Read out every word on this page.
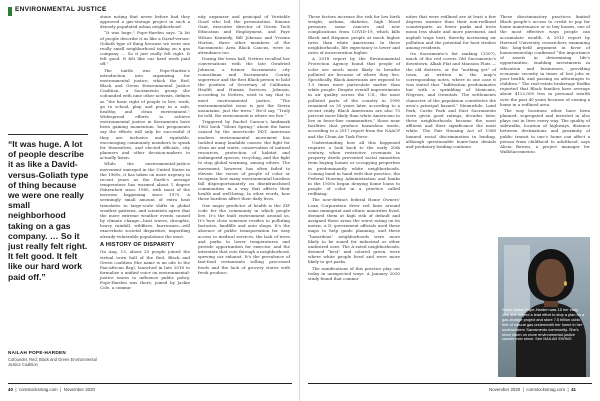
ENVIRONMENTAL JUSTICE
“It was huge. A lot of people describe it as like a David-versus-Goliath type of thing because we were one really small neighborhood taking on a gas company. … So it just really felt right. It felt good. It felt like our hard work paid off.”
NAILAH POPE-HARDEN
Cofounder, Red, Black and Green Environmental Justice Coalition

stone noting that never before had they approved a gas-storage project in such a densely populated urban neighborhood.

“It was huge,” Pope-Harden says. “A lot of people describe it as like a David-versus-Goliath type of thing because we were one really small neighborhood taking on a gas company. … So it just really felt right. It felt good. It felt like our hard work paid off.”

The battle was Pope-Harden’s introduction into organizing for environmental justice, which the Red, Black and Green Environmental Justice Coalition, a Sacramento group she cofounded with nine other activists, defines as “the basic right of people to live, work, go to school, play, and pray in a safe, healthy, and clean environment.” Widespread efforts to achieve environmental justice in Sacramento have been gaining momentum, but proponents say the efforts will only be successful if they are inclusive and equitable, encouraging community members to speak for themselves, and elected officials, city planners and other decision-makers to actually listen.

While the environmental-justice movement emerged in the United States in the 1960s, it has taken on more urgency in recent years as the Earth’s average temperature has warmed about 1 degree Fahrenheit since 1980, with most of the increase happening since 1975. A seemingly small amount of extra heat translates to large-scale shifts in global weather patterns, and scientists agree that the more extreme weather events caused by climate change—heat waves, droughts, heavy rainfall, wildfires, hurricanes—will exacerbate societal disparities, imperiling already-vulnerable populations the most.

A HISTORY OF DISPARITY

On Aug. 13, about 20 people joined the virtual town hall of the Red, Black and Green coalition (the name is an ode to the Pan-African flag), launched in late 2018 to formalize a unified voice on environmental-justice issues to influence public policy. Pope-Harden was there, joined by Jackie Cole, a commu-

nity organizer and principal of Veritable Good who led the presentation. Simone Gant, executive director of Green Tech Education and Employment, and Faye Wilson Kennedy, Bill Johnson and Yvonne Horton, three other members of the Sacramento Area Black Caucus, were in attendance too.

During the town hall, Nettres recalled her conversations with the late Gwafried Johnson, a former Sacramento city councilman and Sacramento County supervisor and the first Black person to hold the position of Secretary of California Health and Human Services. Johnson, according to Nettres, used to say that to meet environmental justice, “The environmentalist issue is just the Sierra mountains, just the trees.” He’d say, “Truly be told, the environment is where we live.”

Triggered by Rachel Carson’s landmark 1962 book “Silent Spring,” about the harm caused by the insecticide DDT, American modern environmental movement has tackled many laudable causes: the fight for clean air and water, conservation of natural resources, protection of habitat and endangered species, recycling, and the fight to stop global warming, among others. The movement, however, has often failed to elevate the voices of people of color or recognize how many environmental burdens fall disproportionately on disenfranchised communities in a way that affects their health and well-being. In other words, how these burdens affect their daily lives.

One major predictor of health is the ZIP code for the community in which people live. It’s the built environment around us. It’s how close someone resides to polluting factories, landfills and auto shops. It’s the absence of public transportation for easy access to medical services, the lack of trees and parks to lower temperatures and provide opportunities for exercise, and the interstate that cuts through a neighborhood, spewing car exhaust. It’s the prevalence of fast-food restaurants selling processed foods and the lack of grocery stores with fresh produce.

40  |  comstocksmag.com  |  November 2020

These factors increase the risk for low birth weight, asthma, diabetes, high blood pressure, some cancers and now complications from COVID-19, which kills Black and Hispanic people at much higher rates than white Americans. In these neighborhoods, life expectancy is lower and rates of incarceration higher.

A 2018 report by the Environmental Protection Agency found that people of color are much more likely to breathe polluted air because of where they live. Specifically, Black Americans are exposed to 1.5 times more particulate matter than white people. Despite overall improvements in air quality across the U.S., the most polluted parts of the country in 1990 remained so 20 years later, according to a recent study. Black Americans are also 75 percent more likely than white Americans to live in fence-line communities,” those near facilities that produce hazardous waste, according to a 2017 report from the NAACP and the Clean Air Task Force.

Understanding how all this happened requires a look back to the early 20th century, when restrictive covenants in property deeds prevented racial minorities from buying homes or occupying properties in predominantly white neighborhoods. Coming hand in hand with that practice, the Federal Housing Administration and banks in the 1930s began denying home loans to people of color in a practice called redlining.

The now-defunct federal Home Owners’ Loan Corporation drew red lines around some immigrant and ethnic minorities lived, deemed them at high risk of default and assigned these areas the worst rating on its metric, a D, government officials used these maps to help guide planning, and these “hazardous” neighborhoods were more likely to be zoned for industrial or other undesired uses. The A-rated neighborhoods, deemed “best” and colored green, were where white people lived and were more likely to get parks.

The ramifications of this practice play out today in unexpected ways. A January 2020 study found that commu-

nities that were redlined are at least a few degrees warmer than their non-redlined counterparts, as fewer parks and trees mean less shade and more pavement, and asphalt traps heat, thereby increasing air pollution and the potential for heat strokes among residents.

On Sacramento’s list ranking (1307), much of the red covers Old Sacramento’s downtown, Alkali Flat and Mansion Flats — the old districts, or the “nothing yet” of town, as written in the map’s corresponding notes, where in one case it was stated that “Infiltration predominates but with a sprinkling of Mexicans, Negroes, and Orientals. The settlements character of the population constitutes the area’s principal hazard.” Meanwhile, Land Park, Curtis Park and East Sacramento were given good ratings; decades later, these neighborhoods become the most affluent and their significance the most white. The Fair Housing Act of 1968 banned racial discrimination in lending, although questionable home-loan denials and predatory lending continue.

These discriminatory practices limited Black people’s access to credit to pay for home maintenance or to buy homes, one of the most effective ways people can accumulate wealth. A 2015 report by Harvard University researchers examining this long-held argument in favor of homeownership confirmed “the importance of assets in determining life’s opportunities, enabling investments in education and businesses, providing economic security in times of lost jobs or poor health, and passing on advantages to children.” The real-estate brokerage Redfin reported that Black families have average about $122,000 less in personal wealth over the past 40 years because of owning a home in a redlined area.

The way locations other have been planned, segregated and invested in also plays out in lives every way. The quality of sidewalks, location of highways, distance between destinations and proximity of public transit to one’s home can affect a person from childhood to adulthood, says Alicia Bowen, a project manager for WalkSacramento.

November 2020  |  comstocksmag.com  |  41
When Nailah Pope-Harden was 15 her early 20s, she helped a lead effort to stop a plan for a gas-storage project and store 7.5 billion cubic feet of natural gas underneath her home in her southwestern Sacramento community. She’s since taken on more environmental-justice causes ever since. See NAILAH EWING
